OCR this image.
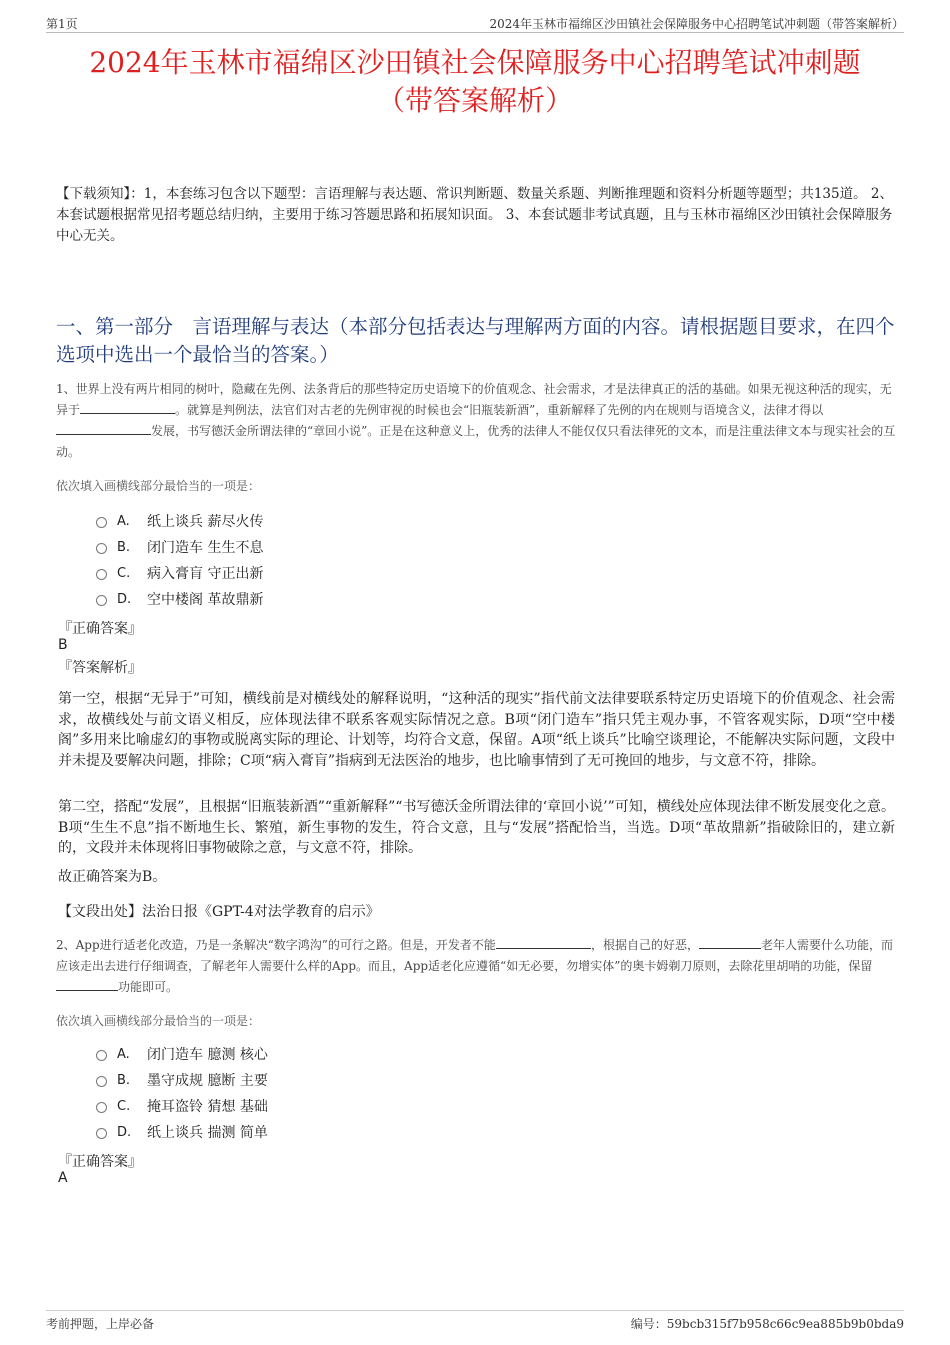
第1页	2024年玉林市福绵区沙田镇社会保障服务中心招聘笔试冲刺题（带答案解析）
2024年玉林市福绵区沙田镇社会保障服务中心招聘笔试冲刺题
（带答案解析）
【下载须知】：1，本套练习包含以下题型：言语理解与表达题、常识判断题、数量关系题、判断推理题和资料分析题等题型；共135道。 2、本套试题根据常见招考题总结归纳，主要用于练习答题思路和拓展知识面。 3、本套试题非考试真题，且与玉林市福绵区沙田镇社会保障服务中心无关。
一、第一部分　言语理解与表达（本部分包括表达与理解两方面的内容。请根据题目要求，在四个选项中选出一个最恰当的答案。）
1、世界上没有两片相同的树叶，隐藏在先例、法条背后的那些特定历史语境下的价值观念、社会需求，才是法律真正的活的基础。如果无视这种活的现实，无异于	。就算是判例法，法官们对古老的先例审视的时候也会“旧瓶装新酒”，重新解释了先例的内在规则与语境含义，法律才得以发展，书写德沃金所谓法律的“章回小说”。正是在这种意义上，优秀的法律人不能仅仅只看法律死的文本，而是注重法律文本与现实社会的互动。
依次填入画横线部分最恰当的一项是：
A.	纸上谈兵 薪尽火传
B.	闭门造车 生生不息
C.	病入膏肓 守正出新
D.	空中楼阁 革故鼎新
『正确答案』
B
『答案解析』
第一空，根据“无异于”可知，横线前是对横线处的解释说明，“这种活的现实”指代前文法律要联系特定历史语境下的价值观念、社会需求，故横线处与前文语义相反，应体现法律不联系客观实际情况之意。B项“闭门造车”指只凭主观办事，不管客观实际，D项“空中楼阁”多用来比喻虚幻的事物或脱离实际的理论、计划等，均符合文意，保留。A项“纸上谈兵”比喻空谈理论，不能解决实际问题，文段中并未提及要解决问题，排除；C项“病入膏肓”指病到无法医治的地步，也比喻事情到了无可挽回的地步，与文意不符，排除。
第二空，搭配“发展”，且根据“旧瓶装新酒”“重新解释”“书写德沃金所谓法律的‘章回小说’”可知，横线处应体现法律不断发展变化之意。B项“生生不息”指不断地生长、繁殖，新生事物的发生，符合文意，且与“发展”搭配恰当，当选。D项“革故鼎新”指破除旧的，建立新的，文段并未体现将旧事物破除之意，与文意不符，排除。
故正确答案为B。
【文段出处】法治日报《GPT-4对法学教育的启示》
2、App进行适老化改造，乃是一条解决“数字鸿沟”的可行之路。但是，开发者不能	，根据自己的好恶，	老年人需要什么功能，而应该走出去进行仔细调查，了解老年人需要什么样的App。而且，App适老化应遵循“如无必要，勿增实体”的奥卡姆剃刀原则，去除花里胡哨的功能，保留功能即可。
依次填入画横线部分最恰当的一项是：
A.	闭门造车 臆测 核心
B.	墨守成规 臆断 主要
C.	掩耳盗铃 猜想 基础
D.	纸上谈兵 揣测 简单
『正确答案』
A
考前押题，上岸必备	编号：59bcb315f7b958c66c9ea885b9b0bda9
